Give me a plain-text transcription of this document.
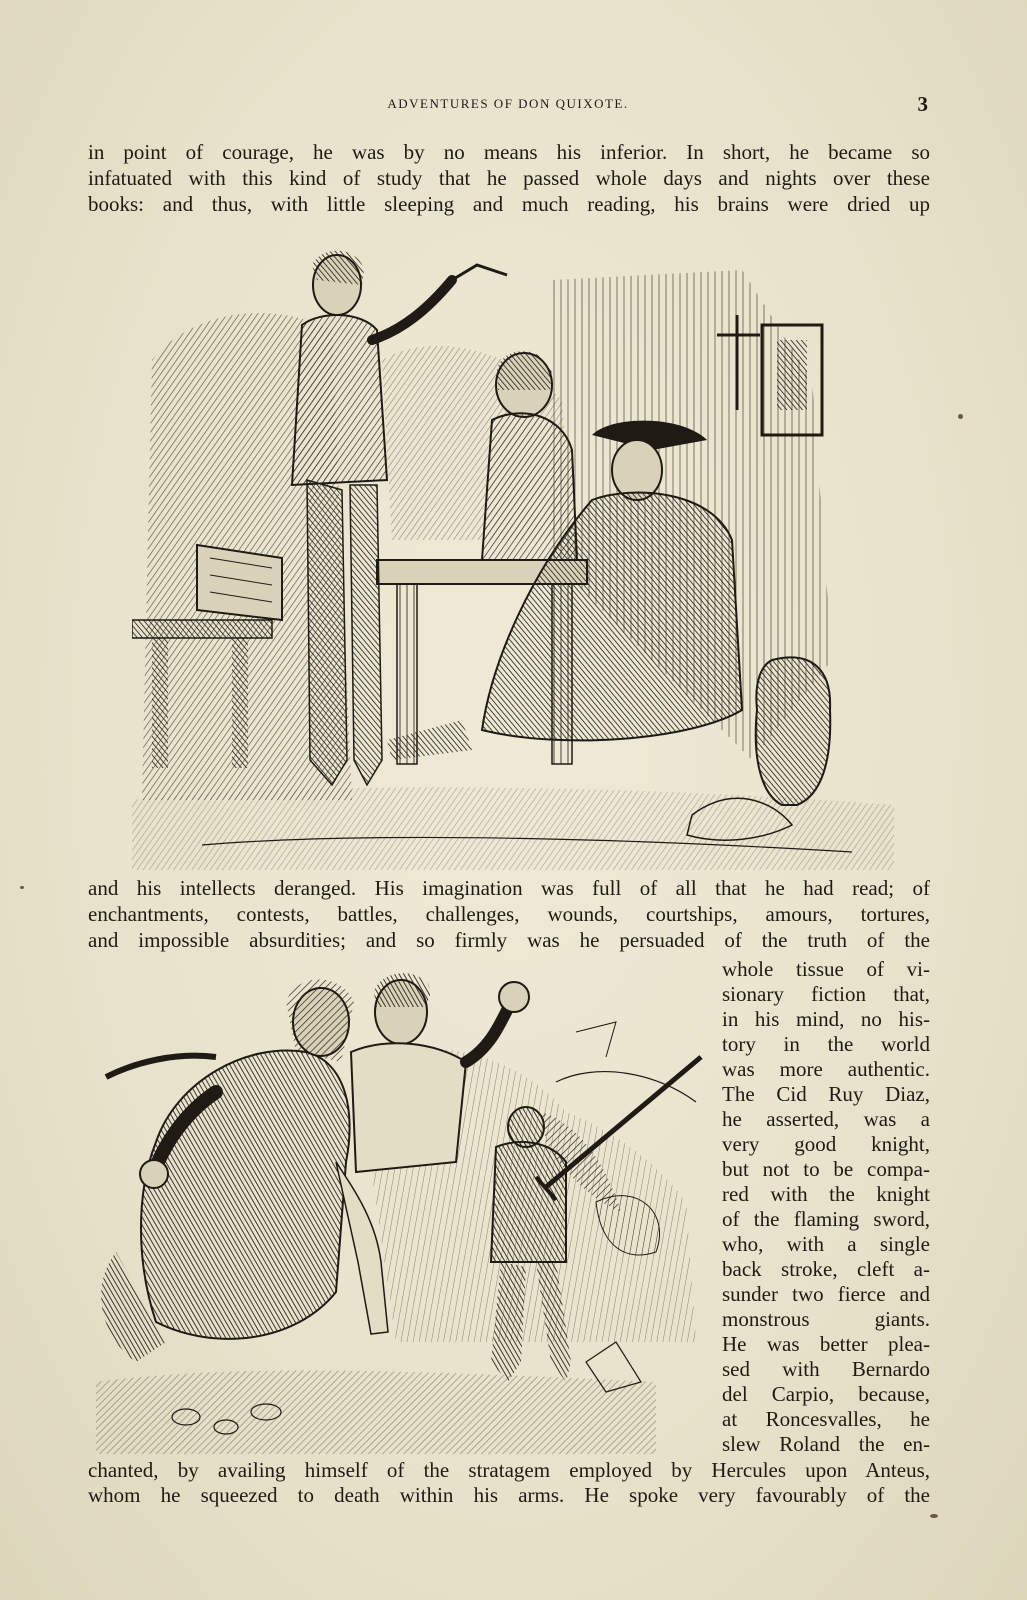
ADVENTURES OF DON QUIXOTE.	3
in point of courage, he was by no means his inferior. In short, he became so
infatuated with this kind of study that he passed whole days and nights over these
books: and thus, with little sleeping and much reading, his brains were dried up
and his intellects deranged. His imagination was full of all that he had read; of
enchantments, contests, battles, challenges, wounds, courtships, amours, tortures,
and impossible absurdities; and so firmly was he persuaded of the truth of the
whole tissue of vi-
sionary fiction that,
in his mind, no his-
tory in the world
was more authentic.
The Cid Ruy Diaz,
he asserted, was a
very good knight,
but not to be compa-
red with the knight
of the flaming sword,
who, with a single
back stroke, cleft a-
sunder two fierce and
monstrous giants.
He was better plea-
sed with Bernardo
del Carpio, because,
at Roncesvalles, he
slew Roland the en-
chanted, by availing himself of the stratagem employed by Hercules upon Anteus,
whom he squeezed to death within his arms. He spoke very favourably of the
